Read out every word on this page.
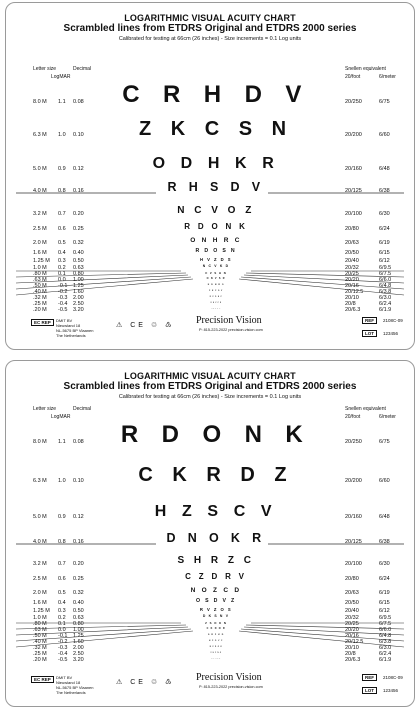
LOGARITHMIC VISUAL ACUITY CHART
Scrambled lines from ETDRS Original and ETDRS 2000 series
Calibrated for testing at 66cm (26 inches) - Size increments = 0.1 Log units
Letter size
LogMAR
Decimal	Snellen equivalent
20/foot	6/meter
8.0 M 1.1 0.08	20/250	6/75
C R H D V
6.3 M 1.0 0.10	20/200	6/60
Z K C S N
5.0 M 0.9 0.12	20/160	6/48
O D H K R
4.0 M 0.8 0.16	20/125	6/38
R H S D V
3.2 M 0.7 0.20	20/100	6/30
N C V O Z
2.5 M 0.6 0.25	20/80	6/24
R D O N K
2.0 M 0.5 0.32	20/63	6/19
O N H R C
1.6 M 0.4 0.40	20/50	6/15
R D O S N
1.25 M 0.3 0.50	20/40	6/12
H V Z D S
1.0 M 0.2 0.63	20/32	6/9.5
N C V K D
.80 M 0.1 0.80	20/25	6/7.5
C Z S H N
.63 M 0.0 1.00	20/20	6/6.0
O N V S R
.50 M -0.1 1.25	20/16	6/4.8
K D N R O
.40 M -0.2 1.60	20/12.5	6/3.8
Z K C S V
.32 M -0.3 2.00	20/10	6/3.0
D V O H C
.25 M -0.4 2.50	20/8	6/2.4
O H V C K
.20 M -0.5 3.20	20/6.3	6/1.9
H Z C K O
EC REP	DMIT BV
Nieuwland 18
NL-5675 BP Vlaanen
The Netherlands
⚠ CE ♲ ♳ Precision Vision
P: 815-223-2022 precision-vision.com
REF	2108C-09
LOT	123456
LOGARITHMIC VISUAL ACUITY CHART
Scrambled lines from ETDRS Original and ETDRS 2000 series
Calibrated for testing at 66cm (26 inches) - Size increments = 0.1 Log units
Letter size
LogMAR
Decimal	Snellen equivalent
20/foot	6/meter
8.0 M 1.1 0.08	20/250	6/75
R D O N K
6.3 M 1.0 0.10	20/200	6/60
C K R D Z
5.0 M 0.9 0.12	20/160	6/48
H Z S C V
4.0 M 0.8 0.16	20/125	6/38
D N O K R
3.2 M 0.7 0.20	20/100	6/30
S H R Z C
2.5 M 0.6 0.25	20/80	6/24
C Z D R V
2.0 M 0.5 0.32	20/63	6/19
N O Z C D
1.6 M 0.4 0.40	20/50	6/15
O S D V Z
1.25 M 0.3 0.50	20/40	6/12
R V Z O S
1.0 M 0.2 0.63	20/32	6/9.5
D K S N V
.80 M 0.1 0.80	20/25	6/7.5
Z S O K N
.63 M 0.0 1.00	20/20	6/6.0
C K D N R
.50 M -0.1 1.25	20/16	6/4.8
S R Z K D
.40 M -0.2 1.60	20/12.5	6/3.8
H Z O V C
.32 M -0.3 2.00	20/10	6/3.0
N V D O K
.25 M -0.4 2.50	20/8	6/2.4
V H C N O
.20 M -0.5 3.20	20/6.3	6/1.9
S V H C Z
EC REP	DMIT BV
Nieuwland 18
NL-5675 BP Vlaanen
The Netherlands
⚠ CE ♲ ♳ Precision Vision
P: 815-223-2022 precision-vision.com
REF	2108C-09
LOT	123456
